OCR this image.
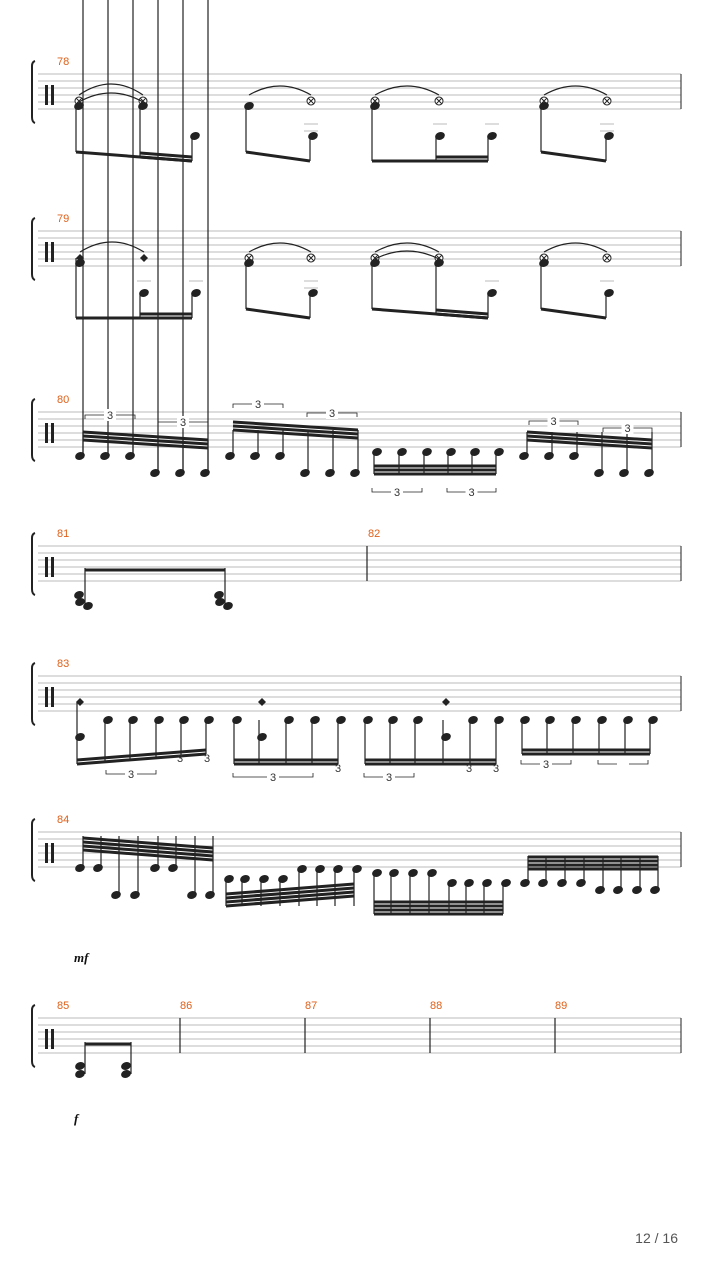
78
79
80
3
3
3
3
3	3
3
3
81	82
83
3
3 3
3
3
3
3 3	3
84
mf
85	86	87	88	89
f
12 / 16
